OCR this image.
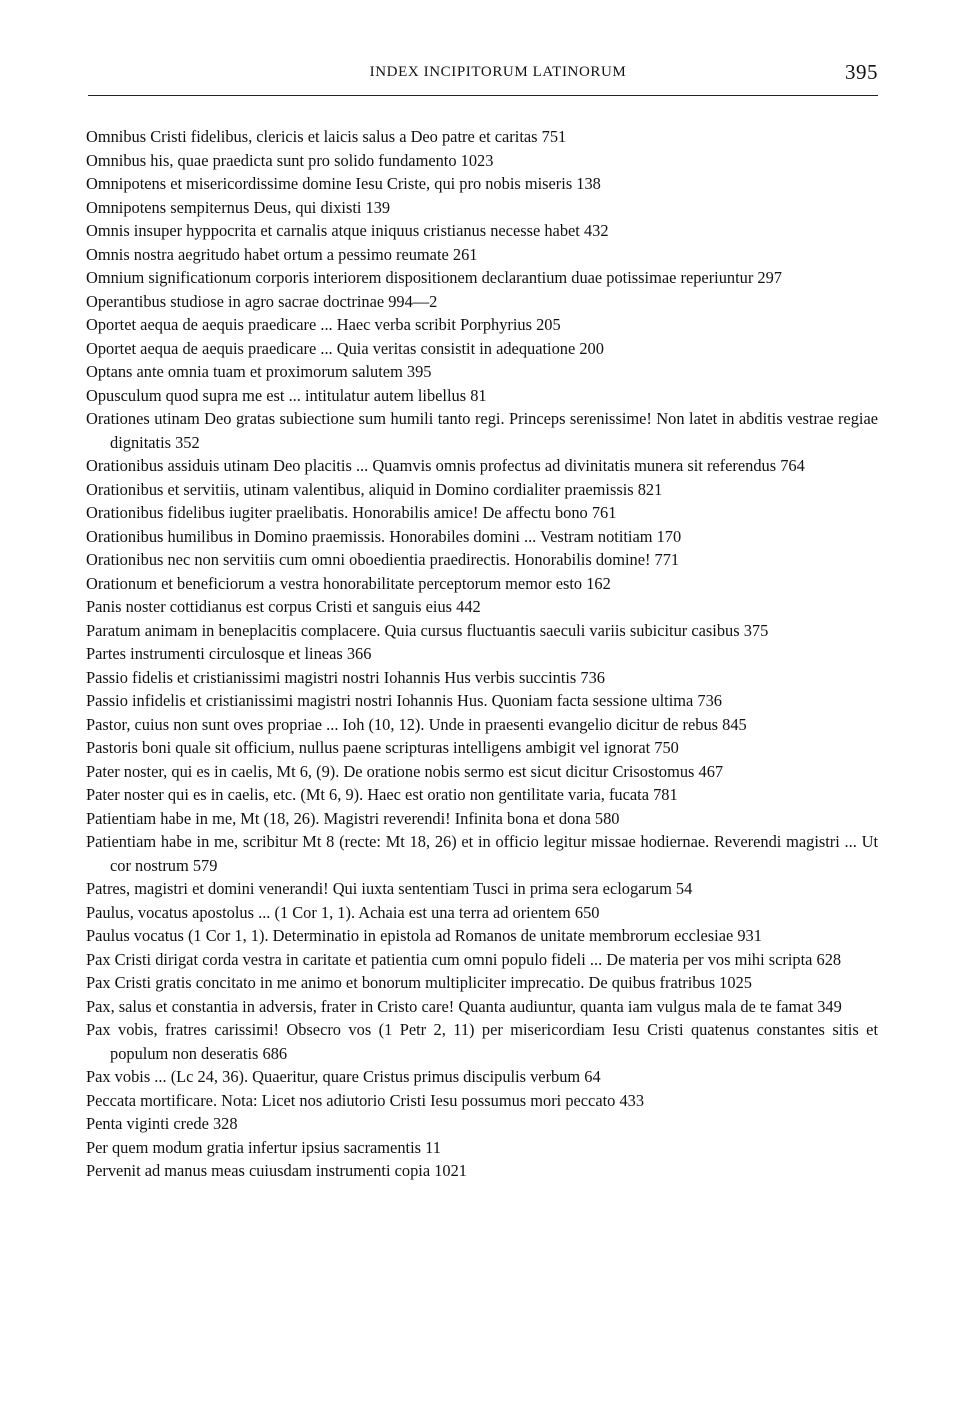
INDEX INCIPITORUM LATINORUM	395
Omnibus Cristi fidelibus, clericis et laicis salus a Deo patre et caritas 751
Omnibus his, quae praedicta sunt pro solido fundamento 1023
Omnipotens et misericordissime domine Iesu Criste, qui pro nobis miseris 138
Omnipotens sempiternus Deus, qui dixisti 139
Omnis insuper hyppocrita et carnalis atque iniquus cristianus necesse habet 432
Omnis nostra aegritudo habet ortum a pessimo reumate 261
Omnium significationum corporis interiorem dispositionem declarantium duae potissimae reperiuntur 297
Operantibus studiose in agro sacrae doctrinae 994—2
Oportet aequa de aequis praedicare ... Haec verba scribit Porphyrius 205
Oportet aequa de aequis praedicare ... Quia veritas consistit in adequatione 200
Optans ante omnia tuam et proximorum salutem 395
Opusculum quod supra me est ... intitulatur autem libellus 81
Orationes utinam Deo gratas subiectione sum humili tanto regi. Princeps serenissime! Non latet in abditis vestrae regiae dignitatis 352
Orationibus assiduis utinam Deo placitis ... Quamvis omnis profectus ad divinitatis munera sit referendus 764
Orationibus et servitiis, utinam valentibus, aliquid in Domino cordialiter praemissis 821
Orationibus fidelibus iugiter praelibatis. Honorabilis amice! De affectu bono 761
Orationibus humilibus in Domino praemissis. Honorabiles domini ... Vestram notitiam 170
Orationibus nec non servitiis cum omni oboedientia praedirectis. Honorabilis domine! 771
Orationum et beneficiorum a vestra honorabilitate perceptorum memor esto 162
Panis noster cottidianus est corpus Cristi et sanguis eius 442
Paratum animam in beneplacitis complacere. Quia cursus fluctuantis saeculi variis subicitur casibus 375
Partes instrumenti circulosque et lineas 366
Passio fidelis et cristianissimi magistri nostri Iohannis Hus verbis succintis 736
Passio infidelis et cristianissimi magistri nostri Iohannis Hus. Quoniam facta sessione ultima 736
Pastor, cuius non sunt oves propriae ... Ioh (10, 12). Unde in praesenti evangelio dicitur de rebus 845
Pastoris boni quale sit officium, nullus paene scripturas intelligens ambigit vel ignorat 750
Pater noster, qui es in caelis, Mt 6, (9). De oratione nobis sermo est sicut dicitur Crisostomus 467
Pater noster qui es in caelis, etc. (Mt 6, 9). Haec est oratio non gentilitate varia, fucata 781
Patientiam habe in me, Mt (18, 26). Magistri reverendi! Infinita bona et dona 580
Patientiam habe in me, scribitur Mt 8 (recte: Mt 18, 26) et in officio legitur missae hodiernae. Reverendi magistri ... Ut cor nostrum 579
Patres, magistri et domini venerandi! Qui iuxta sententiam Tusci in prima sera eclogarum 54
Paulus, vocatus apostolus ... (1 Cor 1, 1). Achaia est una terra ad orientem 650
Paulus vocatus (1 Cor 1, 1). Determinatio in epistola ad Romanos de unitate membrorum ecclesiae 931
Pax Cristi dirigat corda vestra in caritate et patientia cum omni populo fideli ... De materia per vos mihi scripta 628
Pax Cristi gratis concitato in me animo et bonorum multipliciter imprecatio. De quibus fratribus 1025
Pax, salus et constantia in adversis, frater in Cristo care! Quanta audiuntur, quanta iam vulgus mala de te famat 349
Pax vobis, fratres carissimi! Obsecro vos (1 Petr 2, 11) per misericordiam Iesu Cristi quatenus constantes sitis et populum non deseratis 686
Pax vobis ... (Lc 24, 36). Quaeritur, quare Cristus primus discipulis verbum 64
Peccata mortificare. Nota: Licet nos adiutorio Cristi Iesu possumus mori peccato 433
Penta viginti crede 328
Per quem modum gratia infertur ipsius sacramentis 11
Pervenit ad manus meas cuiusdam instrumenti copia 1021
